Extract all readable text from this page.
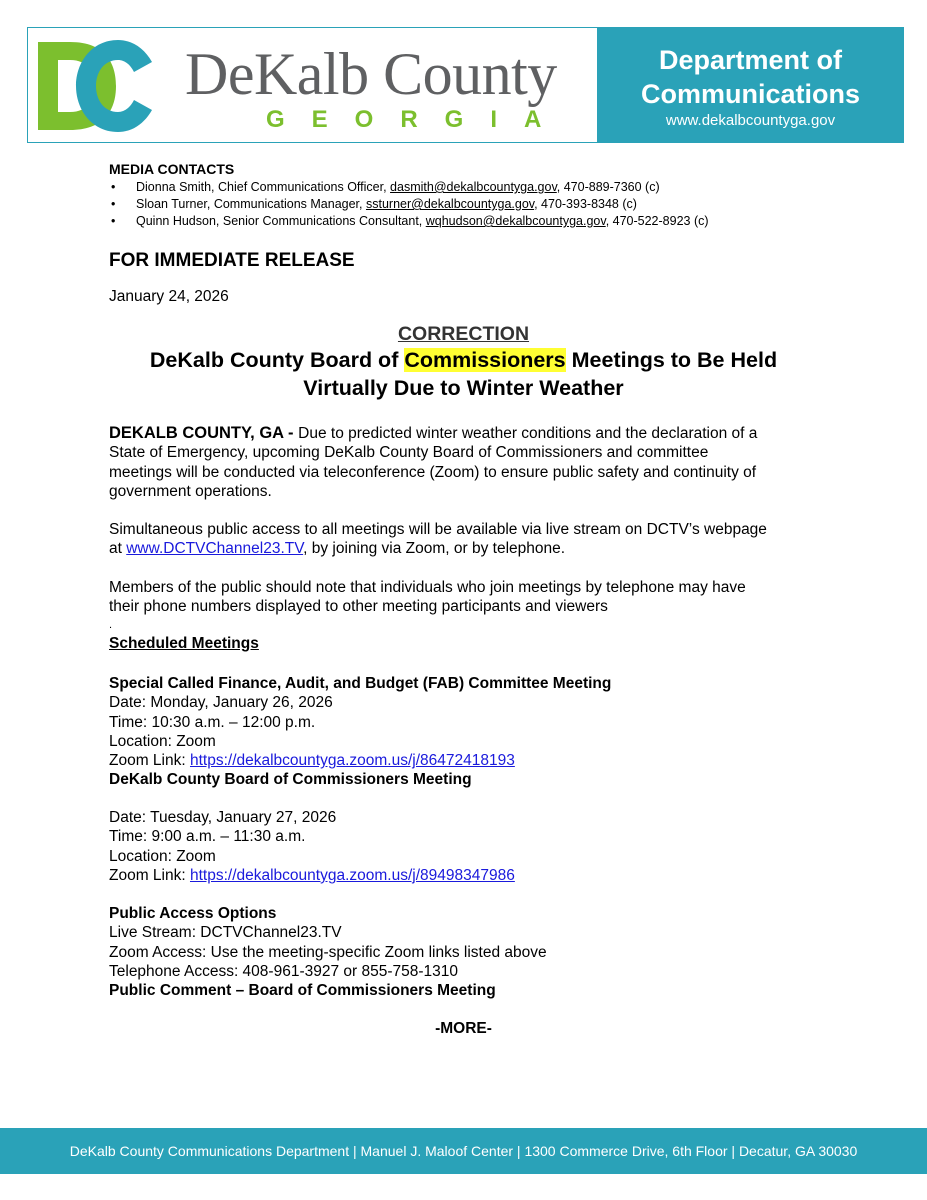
DeKalb County
GEORGIA
Department of
Communications
www.dekalbcountyga.gov
MEDIA CONTACTS
• Dionna Smith, Chief Communications Officer, dasmith@dekalbcountyga.gov, 470-889-7360 (c)
• Sloan Turner, Communications Manager, ssturner@dekalbcountyga.gov, 470-393-8348 (c)
• Quinn Hudson, Senior Communications Consultant, wqhudson@dekalbcountyga.gov, 470-522-8923 (c)
FOR IMMEDIATE RELEASE
January 24, 2026
CORRECTION
DeKalb County Board of Commissioners Meetings to Be Held
Virtually Due to Winter Weather
DEKALB COUNTY, GA - Due to predicted winter weather conditions and the declaration of a
State of Emergency, upcoming DeKalb County Board of Commissioners and committee
meetings will be conducted via teleconference (Zoom) to ensure public safety and continuity of
government operations.
Simultaneous public access to all meetings will be available via live stream on DCTV’s webpage
at www.DCTVChannel23.TV, by joining via Zoom, or by telephone.
Members of the public should note that individuals who join meetings by telephone may have
their phone numbers displayed to other meeting participants and viewers
.
Scheduled Meetings
Special Called Finance, Audit, and Budget (FAB) Committee Meeting
Date: Monday, January 26, 2026
Time: 10:30 a.m. – 12:00 p.m.
Location: Zoom
Zoom Link: https://dekalbcountyga.zoom.us/j/86472418193
DeKalb County Board of Commissioners Meeting
Date: Tuesday, January 27, 2026
Time: 9:00 a.m. – 11:30 a.m.
Location: Zoom
Zoom Link: https://dekalbcountyga.zoom.us/j/89498347986
Public Access Options
Live Stream: DCTVChannel23.TV
Zoom Access: Use the meeting-specific Zoom links listed above
Telephone Access: 408-961-3927 or 855-758-1310
Public Comment – Board of Commissioners Meeting
-MORE-
DeKalb County Communications Department | Manuel J. Maloof Center | 1300 Commerce Drive, 6th Floor | Decatur, GA 30030
